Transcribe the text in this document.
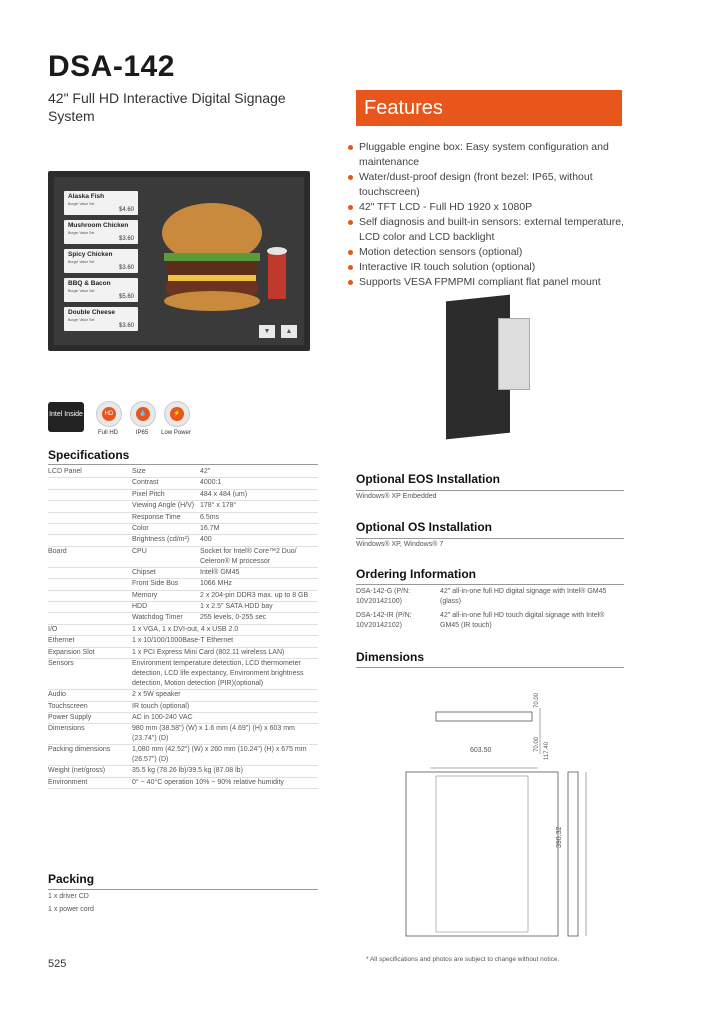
DSA-142
42" Full HD Interactive Digital Signage System	Features
Pluggable engine box: Easy system configuration and maintenance
Water/dust-proof design (front bezel: IP65, without touchscreen)
42" TFT LCD - Full HD 1920 x 1080P
Self diagnosis and built-in sensors: external temperature, LCD color and LCD backlight
Motion detection sensors (optional)
Interactive IR touch solution (optional)
Supports VESA FPMPMI compliant flat panel mount
Alaska Fish
Burger Value Set
$4.60
Mushroom Chicken
Burger Value Set
$3.60
Spicy Chicken
Burger Value Set
$3.60
BBQ & Bacon
Burger Value Set
$5.60
Double Cheese
Burger Value Set
$3.60
▼	▲
Intel Inside	HD	💧	⚡
Full HD	IP65	Low Power
Specifications
LCD Panel	Size	42"
	Contrast	4000:1
	Pixel Pitch	484 x 484 (um)
	Viewing Angle (H/V)	178° x 178°
	Response Time	6.5ms
	Color	16.7M
	Brightness (cd/m²)	400
Board	CPU	Socket for Intel® Core™2 Duo/ Celeron® M processor
	Chipset	Intel® GM45
	Front Side Bus	1066 MHz
	Memory	2 x 204-pin DDR3 max. up to 8 GB
	HDD	1 x 2.5" SATA HDD bay
	Watchdog Timer	255 levels, 0-255 sec
I/O	1 x VGA, 1 x DVI-out, 4 x USB 2.0	
Ethernet	1 x 10/100/1000Base-T Ethernet	
Expansion Slot	1 x PCI Express Mini Card (802.11 wireless LAN)	
Sensors	Environment temperature detection, LCD thermometer detection, LCD life expectancy, Environment brightness detection, Motion detection (PIR)(optional)	
Audio	2 x 5W speaker	
Touchscreen	IR touch (optional)	
Power Supply	AC in 100-240 VAC	
Dimensions	980 mm (38.58") (W) x 1.6 mm (4.69") (H) x 603 mm (23.74") (D)	
Packing dimensions	1,080 mm (42.52") (W) x 260 mm (10.24") (H) x 675 mm (26.57") (D)	
Weight (net/gross)	35.5 kg (78.26 lb)/39.5 kg (87.08 lb)	
Environment	0° ~ 40°C operation 10% ~ 90% relative humidity	
Packing
1 x driver CD
1 x power cord
Optional EOS Installation
Windows® XP Embedded
Optional OS Installation
Windows® XP, Windows® 7
Ordering Information
DSA-142-G (P/N: 10V20142100)	42" all-in-one full HD digital signage with Intel® GM45 (glass)
DSA-142-IR (P/N: 10V20142102)	42" all-in-one full HD touch digital signage with Intel® GM45 (IR touch)
Dimensions
603.50
390.32
70.00
117.40
70.00
525	* All specifications and photos are subject to change without notice.
